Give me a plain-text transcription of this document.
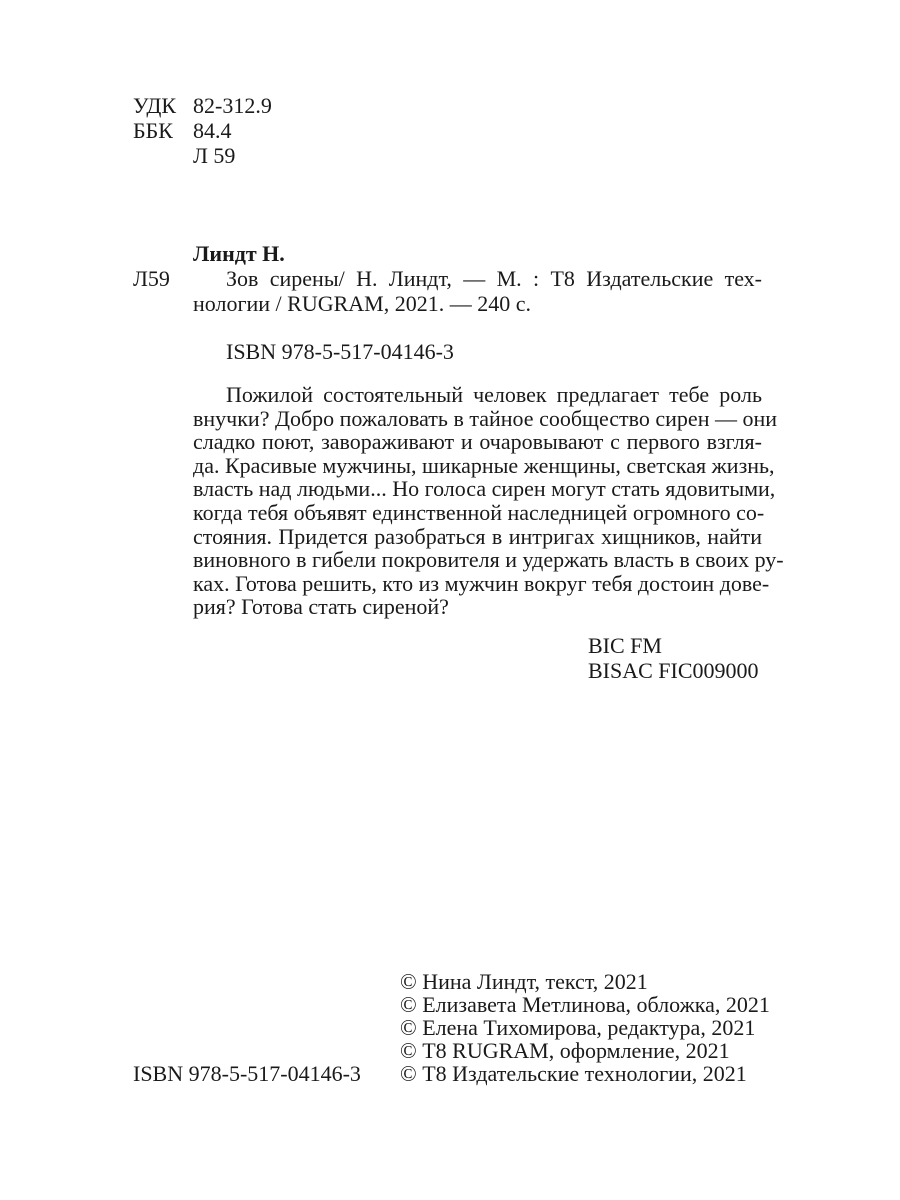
УДК 82-312.9
ББК 84.4
Л 59
Линдт Н.
Л59	Зов сирены/ Н. Линдт, — М. : Т8 Издательские тех-
нологии / RUGRAM, 2021. — 240 с.
ISBN 978-5-517-04146-3
Пожилой состоятельный человек предлагает тебе роль
внучки? Добро пожаловать в тайное сообщество сирен — они
сладко поют, завораживают и очаровывают с первого взгля-
да. Красивые мужчины, шикарные женщины, светская жизнь,
власть над людьми... Но голоса сирен могут стать ядовитыми,
когда тебя объявят единственной наследницей огромного со-
стояния. Придется разобраться в интригах хищников, найти
виновного в гибели покровителя и удержать власть в своих ру-
ках. Готова решить, кто из мужчин вокруг тебя достоин дове-
рия? Готова стать сиреной?
BIC FM
BISAC FIC009000
ISBN 978-5-517-04146-3
© Нина Линдт, текст, 2021
© Елизавета Метлинова, обложка, 2021
© Елена Тихомирова, редактура, 2021
© Т8 RUGRAM, оформление, 2021
© Т8 Издательские технологии, 2021
